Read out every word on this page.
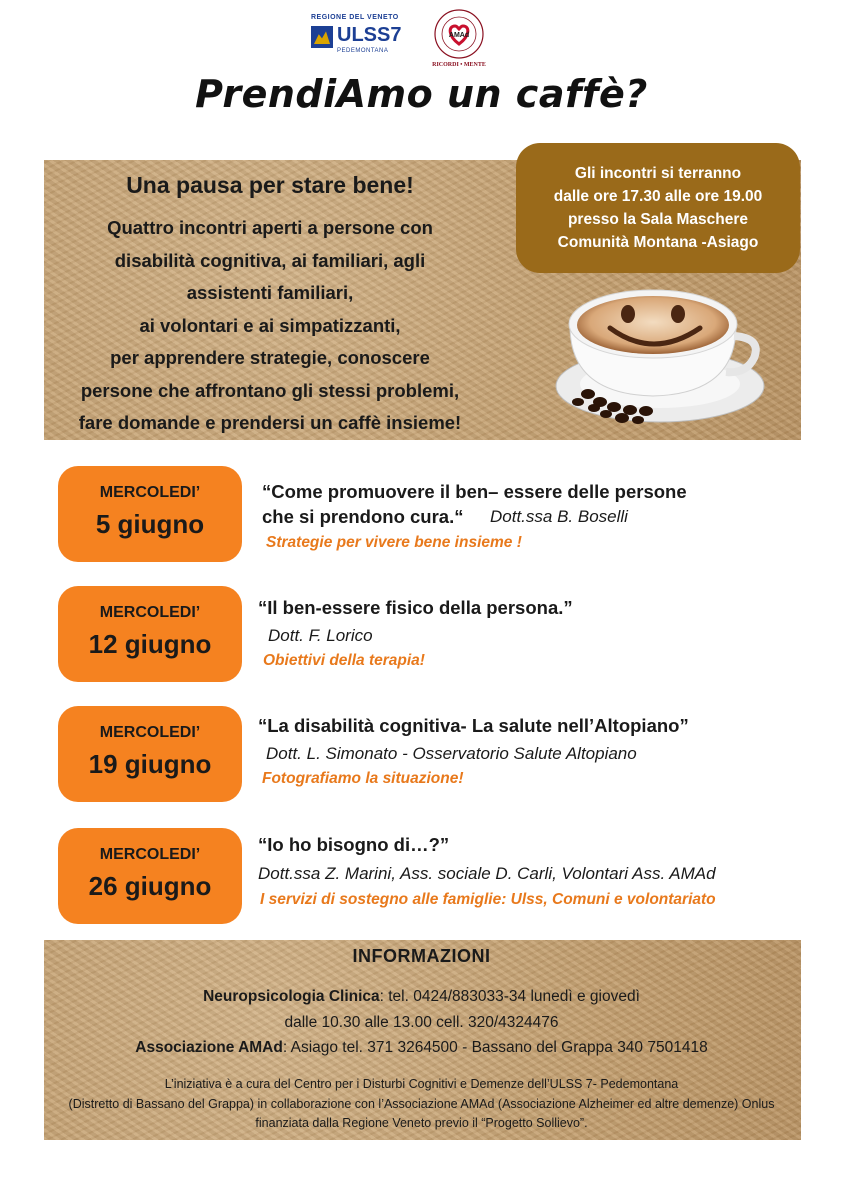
REGIONE DEL VENETO
ULSS7
PEDEMONTANA
AMAd
RICORDI • MENTE
PrendiAmo un caffè?
Una pausa per stare bene!
Quattro incontri aperti a persone con
disabilità cognitiva, ai familiari, agli
assistenti familiari,
ai volontari e ai simpatizzanti,
per apprendere strategie, conoscere
persone che affrontano gli stessi problemi,
fare domande e prendersi un caffè insieme!
Gli incontri si terranno
dalle ore 17.30 alle ore 19.00
presso la Sala Maschere
Comunità Montana -Asiago
MERCOLEDI’
5 giugno
“Come promuovere il ben– essere delle persone
che si prendono cura.“ Dott.ssa B. Boselli
Strategie per vivere bene insieme !
MERCOLEDI’
12 giugno
“Il ben-essere fisico della persona.”
Dott. F. Lorico
Obiettivi della terapia!
MERCOLEDI’
19 giugno
“La disabilità cognitiva- La salute nell’Altopiano”
Dott. L. Simonato - Osservatorio Salute Altopiano
Fotografiamo la situazione!
MERCOLEDI’
26 giugno
“Io ho bisogno di…?”
Dott.ssa Z. Marini, Ass. sociale D. Carli, Volontari Ass. AMAd
I servizi di sostegno alle famiglie: Ulss, Comuni e volontariato
INFORMAZIONI
Neuropsicologia Clinica: tel. 0424/883033-34 lunedì e giovedì
dalle 10.30 alle 13.00 cell. 320/4324476
Associazione AMAd: Asiago tel. 371 3264500 - Bassano del Grappa 340 7501418
L’iniziativa è a cura del Centro per i Disturbi Cognitivi e Demenze dell’ULSS 7- Pedemontana
(Distretto di Bassano del Grappa) in collaborazione con l’Associazione AMAd (Associazione Alzheimer ed altre demenze) Onlus
finanziata dalla Regione Veneto previo il “Progetto Sollievo”.
